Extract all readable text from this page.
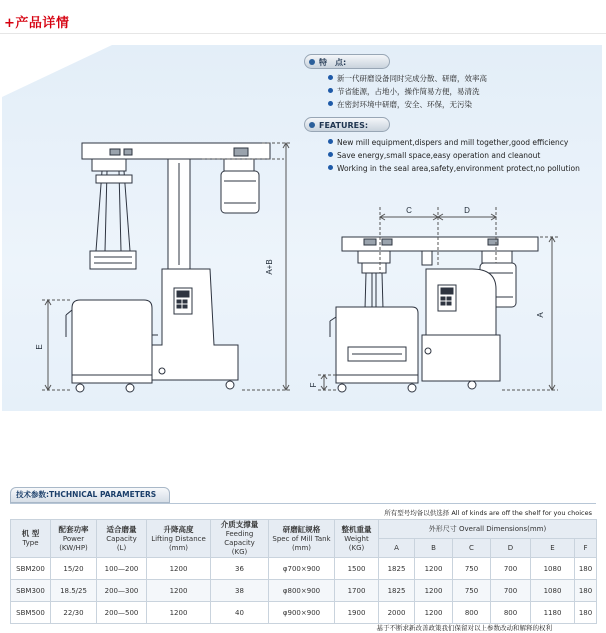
+产品详情
特　点:
新一代研磨设备同时完成分散、研磨，效率高
节省能源，占地小，操作简易方便，易清洗
在密封环境中研磨，安全、环保，无污染
FEATURES:
New mill equipment,dispers and mill together,good efficiency
Save energy,small space,easy operation and cleanout
Working in the seal area,safety,environment protect,no pollution
A+B
E
C	D
A
F
技术参数:THCHNICAL PARAMETERS
所有型号均备以供选择 All of kinds are off the shelf for you choices
机 型
Type	配套功率
Power
(KW/HP)	适合磨量
Capacity
(L)	升降高度
Lifting Distance
(mm)	介质支撑量
Feeding Capacity
(KG)	研磨缸规格
Spec of Mill Tank
(mm)	整机重量
Weight
(KG)	外形尺寸 Overall Dimensions(mm)					
							A	B	C	D	E	F
SBM200	15/20	100—200	1200	36	φ700×900	1500	1825	1200	750	700	1080	180
SBM300	18.5/25	200—300	1200	38	φ800×900	1700	1825	1200	750	700	1080	180
SBM500	22/30	200—500	1200	40	φ900×900	1900	2000	1200	800	800	1180	180
基于不断求新改善政策我们保留对以上参数改动和解释的权利
